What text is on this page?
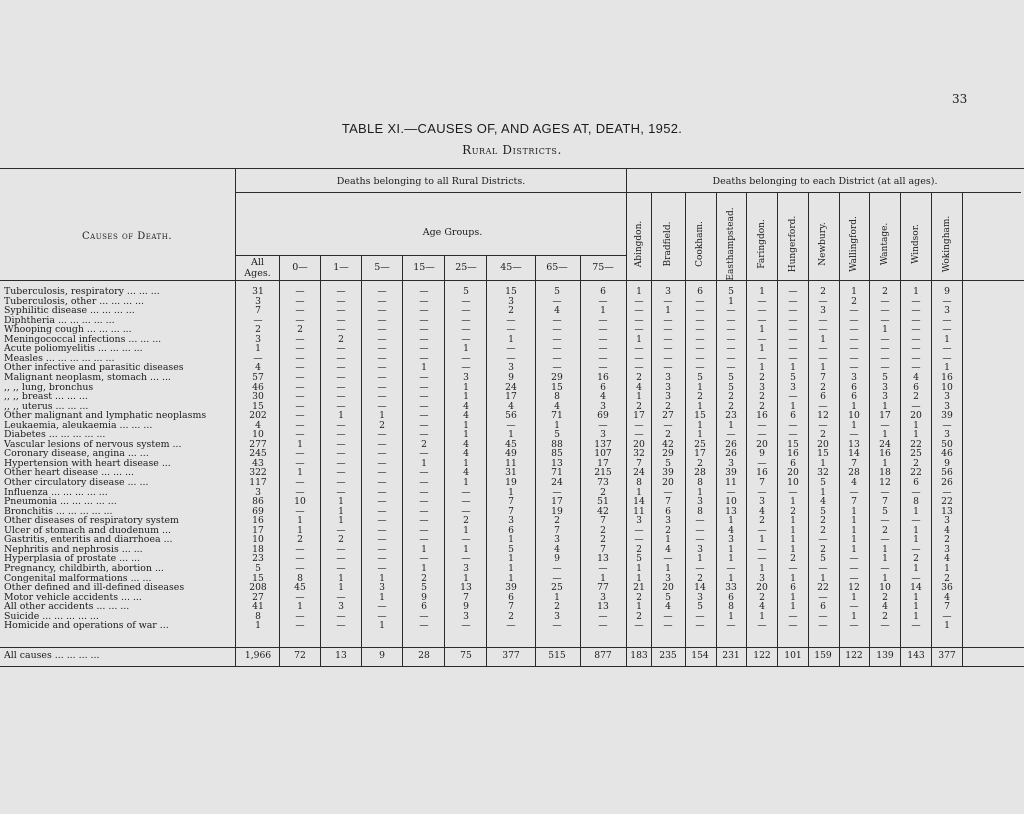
33
TABLE XI.—CAUSES OF, AND AGES AT, DEATH, 1952.
Rural Districts.
Deaths belonging to all Rural Districts.	Deaths belonging to each District (at all ages).
Causes of Death.	Age Groups.
All
Ages.
0—	1—	5—	15—	25—	45—	65—	75—
Abingdon. Bradfield. Cookham. Easthampstead. Faringdon. Hungerford. Newbury. Wallingford. Wantage. Windsor. Wokingham.
Tuberculosis, respiratory ... ... ...	31	—	—	—	—	5	15	5	6	1	3	6	5	1	—	2	1	2	1	9
Tuberculosis, other ... ... ... ...	3	—	—	—	—	—	3	—	—	—	—	—	1	—	—	—	2	—	—	—
Syphilitic disease ... ... ... ...	7	—	—	—	—	—	2	4	1	—	1	—	—	—	—	3	—	—	—	3
Diphtheria ... ... ... ... ...	—	—	—	—	—	—	—	—	—	—	—	—	—	—	—	—	—	—	—	—
Whooping cough ... ... ... ...	2	2	—	—	—	—	—	—	—	—	—	—	—	1	—	—	—	1	—	—
Meningococcal infections ... ... ...	3	—	2	—	—	—	1	—	—	1	—	—	—	—	—	1	—	—	—	1
Acute poliomyelitis ... ... ... ...	1	—	—	—	—	1	—	—	—	—	—	—	—	1	—	—	—	—	—	—
Measles ... ... ... ... ... ...	—	—	—	—	—	—	—	—	—	—	—	—	—	—	—	—	—	—	—	—
Other infective and parasitic diseases	4	—	—	—	1	—	3	—	—	—	—	—	—	1	1	1	—	—	—	1
Malignant neoplasm, stomach ... ...	57	—	—	—	—	3	9	29	16	2	3	5	5	2	5	7	3	5	4	16
,, ,, lung, bronchus	46	—	—	—	—	1	24	15	6	4	3	1	5	3	3	2	6	3	6	10
,, ,, breast ... ... ...	30	—	—	—	—	1	17	8	4	1	3	2	2	2	—	6	6	3	2	3
,, ,, uterus ... ... ...	15	—	—	—	—	4	4	4	3	2	2	1	2	2	1	—	1	1	—	3
Other malignant and lymphatic neoplasms	202	—	1	1	—	4	56	71	69	17	27	15	23	16	6	12	10	17	20	39
Leukaemia, aleukaemia ... ... ...	4	—	—	2	—	1	—	1	—	—	—	1	1	—	—	—	1	—	1	—
Diabetes ... ... ... ... ...	10	—	—	—	—	1	1	5	3	—	2	1	—	—	—	2	—	1	1	3
Vascular lesions of nervous system ...	277	1	—	—	2	4	45	88	137	20	42	25	26	20	15	20	13	24	22	50
Coronary disease, angina ... ...	245	—	—	—	—	4	49	85	107	32	29	17	26	9	16	15	14	16	25	46
Hypertension with heart disease ...	43	—	—	—	1	1	11	13	17	7	5	2	3	—	6	1	7	1	2	9
Other heart disease ... ... ...	322	1	—	—	—	4	31	71	215	24	39	28	39	16	20	32	28	18	22	56
Other circulatory disease ... ...	117	—	—	—	—	1	19	24	73	8	20	8	11	7	10	5	4	12	6	26
Influenza ... ... ... ... ...	3	—	—	—	—	—	1	—	2	1	—	1	—	—	—	1	—	—	—	—
Pneumonia ... ... ... ... ...	86	10	1	—	—	—	7	17	51	14	7	3	10	3	1	4	7	7	8	22
Bronchitis ... ... ... ... ...	69	—	1	—	—	—	7	19	42	11	6	8	13	4	2	5	1	5	1	13
Other diseases of respiratory system	16	1	1	—	—	2	3	2	7	3	3	—	1	2	1	2	1	—	—	3
Ulcer of stomach and duodenum ...	17	1	—	—	—	1	6	7	2	—	2	—	4	—	1	2	1	2	1	4
Gastritis, enteritis and diarrhoea ...	10	2	2	—	—	—	1	3	2	—	1	—	3	1	1	—	1	—	1	2
Nephritis and nephrosis ... ...	18	—	—	—	1	1	5	4	7	2	4	3	1	—	1	2	1	1	—	3
Hyperplasia of prostate ... ...	23	—	—	—	—	—	1	9	13	5	—	1	1	—	2	5	—	1	2	4
Pregnancy, childbirth, abortion ...	5	—	—	—	1	3	1	—	—	1	1	—	—	1	—	—	—	—	1	1
Congenital malformations ... ...	15	8	1	1	2	1	1	—	1	1	3	2	1	3	1	1	—	1	—	2
Other defined and ill-defined diseases	208	45	1	3	5	13	39	25	77	21	20	14	33	20	6	22	12	10	14	36
Motor vehicle accidents ... ...	27	—	—	1	9	7	6	1	3	2	5	3	6	2	1	—	1	2	1	4
All other accidents ... ... ...	41	1	3	—	6	9	7	2	13	1	4	5	8	4	1	6	—	4	1	7
Suicide ... ... ... ... ...	8	—	—	—	—	3	2	3	—	2	—	—	1	1	—	—	1	2	1	—
Homicide and operations of war ...	1	—	—	1	—	—	—	—	—	—	—	—	—	—	—	—	—	—	—	1
All causes ... ... ... ...	1,966	72	13	9	28	75	377	515	877	183	235	154	231	122	101	159	122	139	143	377
